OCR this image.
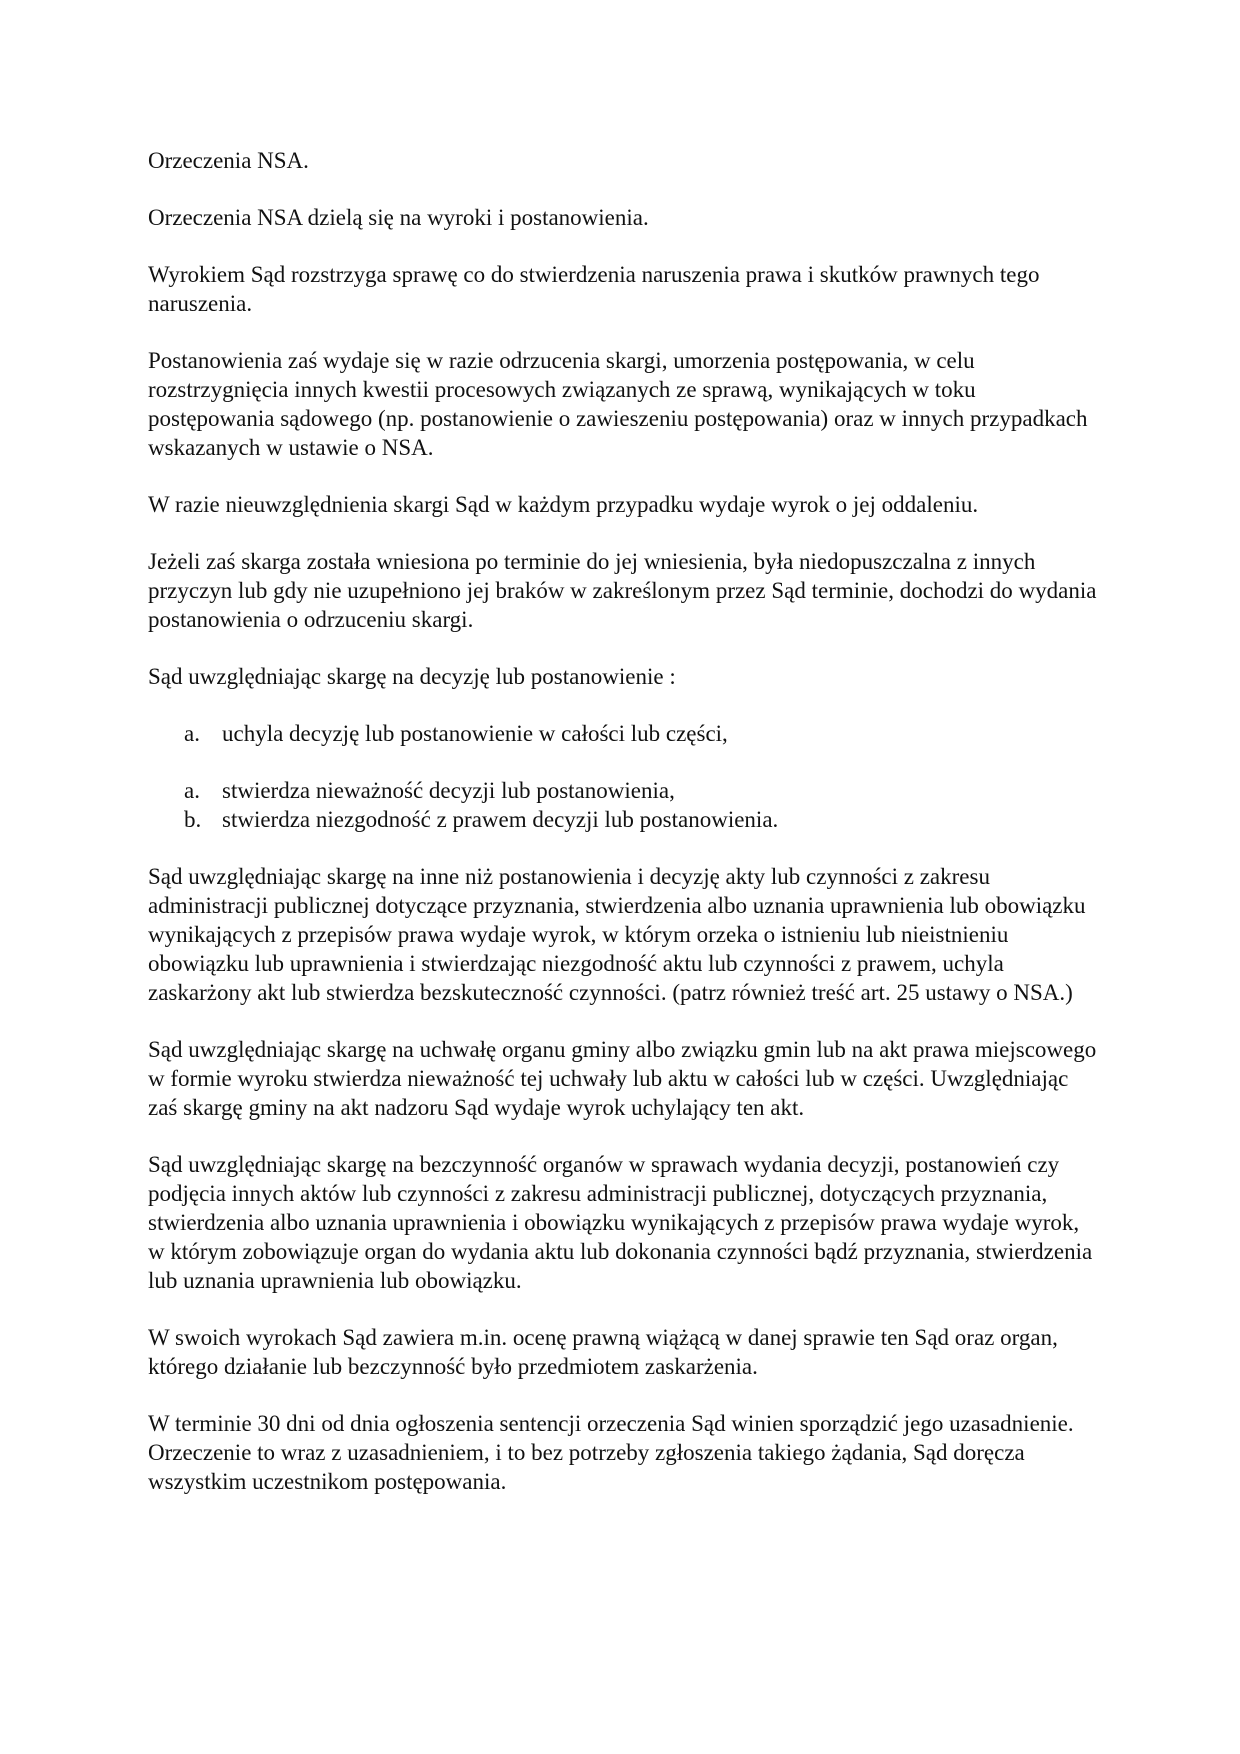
Orzeczenia NSA.

Orzeczenia NSA dzielą się na wyroki i postanowienia.

Wyrokiem Sąd rozstrzyga sprawę co do stwierdzenia naruszenia prawa i skutków prawnych tego naruszenia.

Postanowienia zaś wydaje się w razie odrzucenia skargi, umorzenia postępowania, w celu rozstrzygnięcia innych kwestii procesowych związanych ze sprawą, wynikających w toku postępowania sądowego (np. postanowienie o zawieszeniu postępowania) oraz w innych przypadkach wskazanych w ustawie o NSA.

W razie nieuwzględnienia skargi Sąd w każdym przypadku wydaje wyrok o jej oddaleniu.

Jeżeli zaś skarga została wniesiona po terminie do jej wniesienia, była niedopuszczalna z innych przyczyn lub gdy nie uzupełniono jej braków w zakreślonym przez Sąd terminie, dochodzi do wydania postanowienia o odrzuceniu skargi.

Sąd uwzględniając skargę na decyzję lub postanowienie :

a. uchyla decyzję lub postanowienie w całości lub części,
a. stwierdza nieważność decyzji lub postanowienia,
b. stwierdza niezgodność z prawem decyzji lub postanowienia.

Sąd uwzględniając skargę na inne niż postanowienia i decyzję akty lub czynności z zakresu administracji publicznej dotyczące przyznania, stwierdzenia albo uznania uprawnienia lub obowiązku wynikających z przepisów prawa wydaje wyrok, w którym orzeka o istnieniu lub nieistnieniu obowiązku lub uprawnienia i stwierdzając niezgodność aktu lub czynności z prawem, uchyla zaskarżony akt lub stwierdza bezskuteczność czynności. (patrz również treść art. 25 ustawy o NSA.)

Sąd uwzględniając skargę na uchwałę organu gminy albo związku gmin lub na akt prawa miejscowego w formie wyroku stwierdza nieważność tej uchwały lub aktu w całości lub w części. Uwzględniając zaś skargę gminy na akt nadzoru Sąd wydaje wyrok uchylający ten akt.

Sąd uwzględniając skargę na bezczynność organów w sprawach wydania decyzji, postanowień czy podjęcia innych aktów lub czynności z zakresu administracji publicznej, dotyczących przyznania, stwierdzenia albo uznania uprawnienia i obowiązku wynikających z przepisów prawa wydaje wyrok, w którym zobowiązuje organ do wydania aktu lub dokonania czynności bądź przyznania, stwierdzenia lub uznania uprawnienia lub obowiązku.

W swoich wyrokach Sąd zawiera m.in. ocenę prawną wiążącą w danej sprawie ten Sąd oraz organ, którego działanie lub bezczynność było przedmiotem zaskarżenia.

W terminie 30 dni od dnia ogłoszenia sentencji orzeczenia Sąd winien sporządzić jego uzasadnienie. Orzeczenie to wraz z uzasadnieniem, i to bez potrzeby zgłoszenia takiego żądania, Sąd doręcza wszystkim uczestnikom postępowania.
